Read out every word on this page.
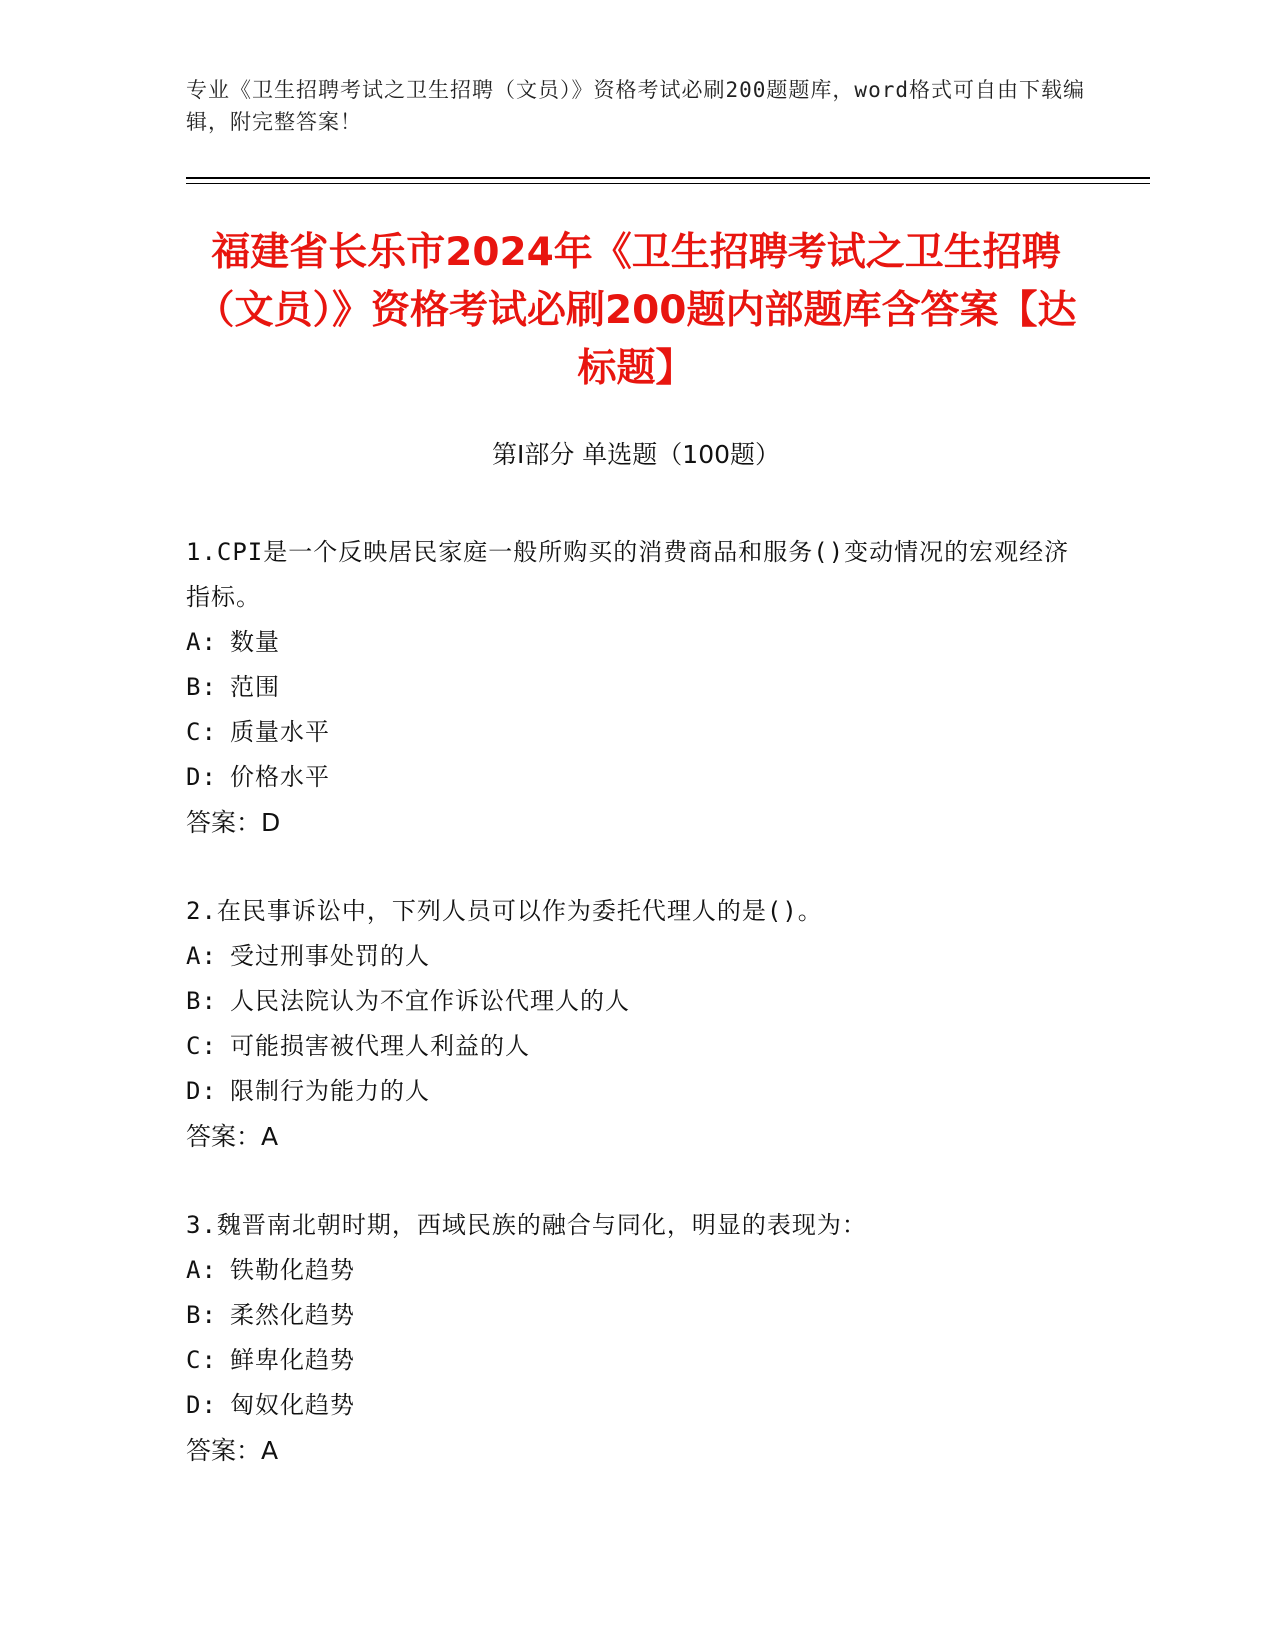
专业《卫生招聘考试之卫生招聘（文员）》资格考试必刷200题题库，word格式可自由下载编辑，附完整答案！
福建省长乐市2024年《卫生招聘考试之卫生招聘（文员）》资格考试必刷200题内部题库含答案【达标题】
第Ⅰ部分 单选题（100题）
1.CPI是一个反映居民家庭一般所购买的消费商品和服务()变动情况的宏观经济指标。
A: 数量
B: 范围
C: 质量水平
D: 价格水平
答案：D
2.在民事诉讼中，下列人员可以作为委托代理人的是()。
A: 受过刑事处罚的人
B: 人民法院认为不宜作诉讼代理人的人
C: 可能损害被代理人利益的人
D: 限制行为能力的人
答案：A
3.魏晋南北朝时期，西域民族的融合与同化，明显的表现为：
A: 铁勒化趋势
B: 柔然化趋势
C: 鲜卑化趋势
D: 匈奴化趋势
答案：A
